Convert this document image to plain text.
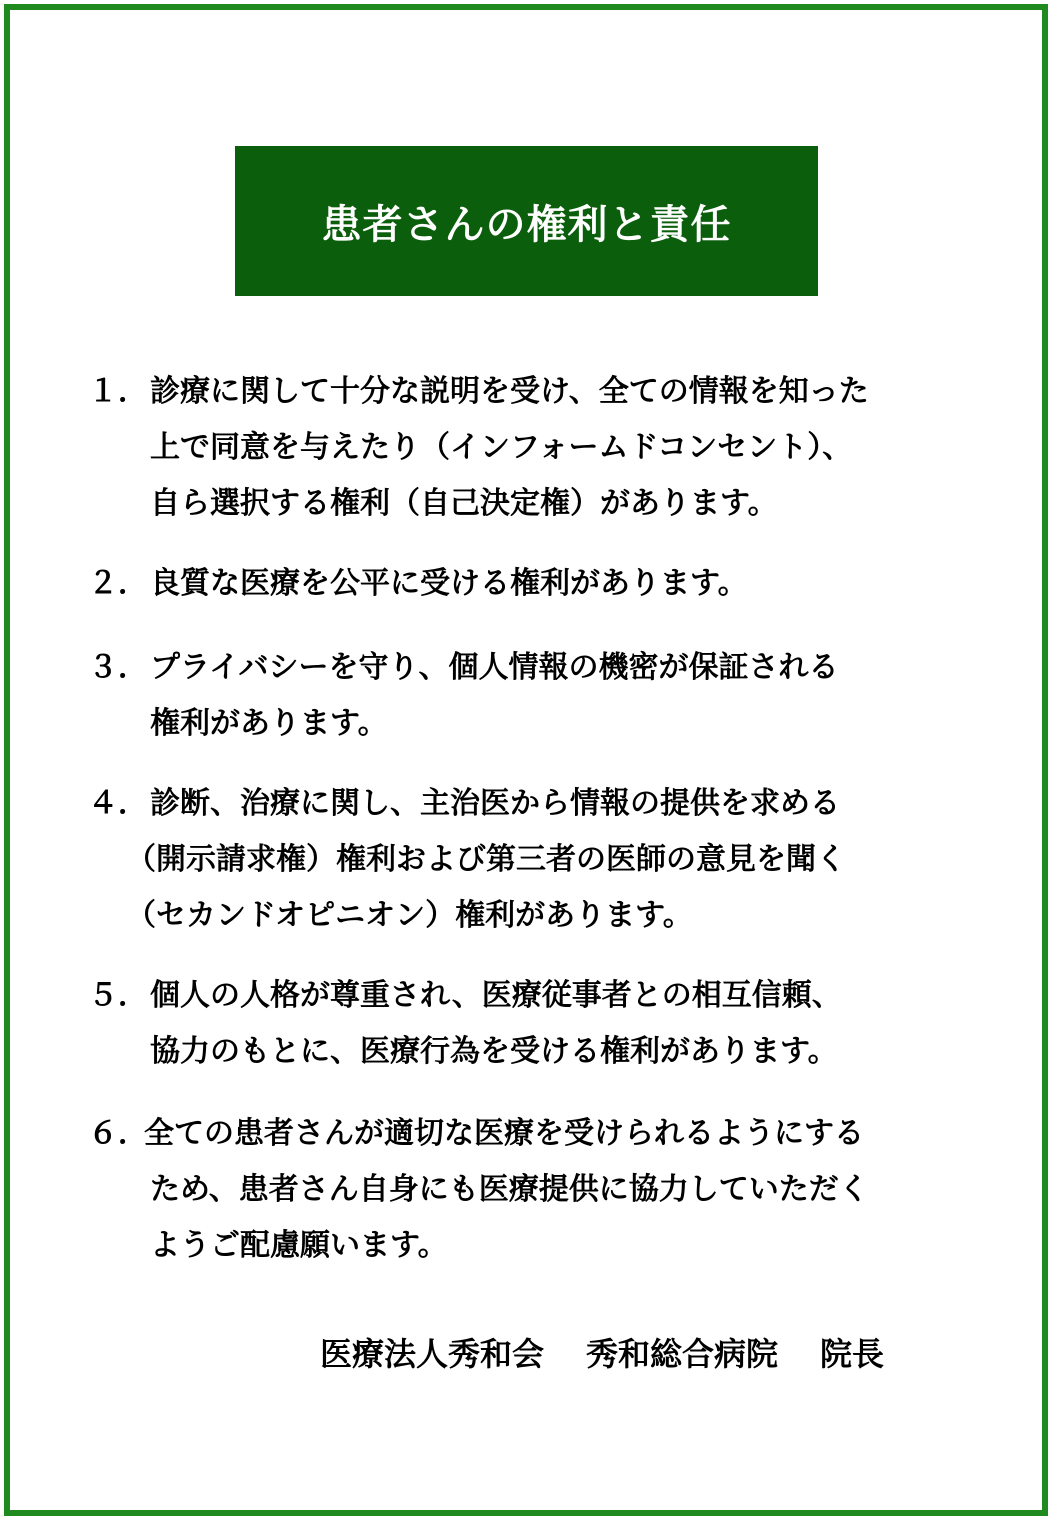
患者さんの権利と責任
１． 診療に関して十分な説明を受け、全ての情報を知った
上で同意を与えたり（インフォームドコンセント）、
自ら選択する権利（自己決定権）があります。
２． 良質な医療を公平に受ける権利があります。
３． プライバシーを守り、個人情報の機密が保証される
権利があります。
４． 診断、治療に関し、主治医から情報の提供を求める
（開示請求権）権利および第三者の医師の意見を聞く
（セカンドオピニオン）権利があります。
５． 個人の人格が尊重され、医療従事者との相互信頼、
協力のもとに、医療行為を受ける権利があります。
６．
全ての患者さんが適切な医療を受けられるようにする
ため、患者さん自身にも医療提供に協力していただく
ようご配慮願います。
医療法人秀和会 秀和総合病院 院長
